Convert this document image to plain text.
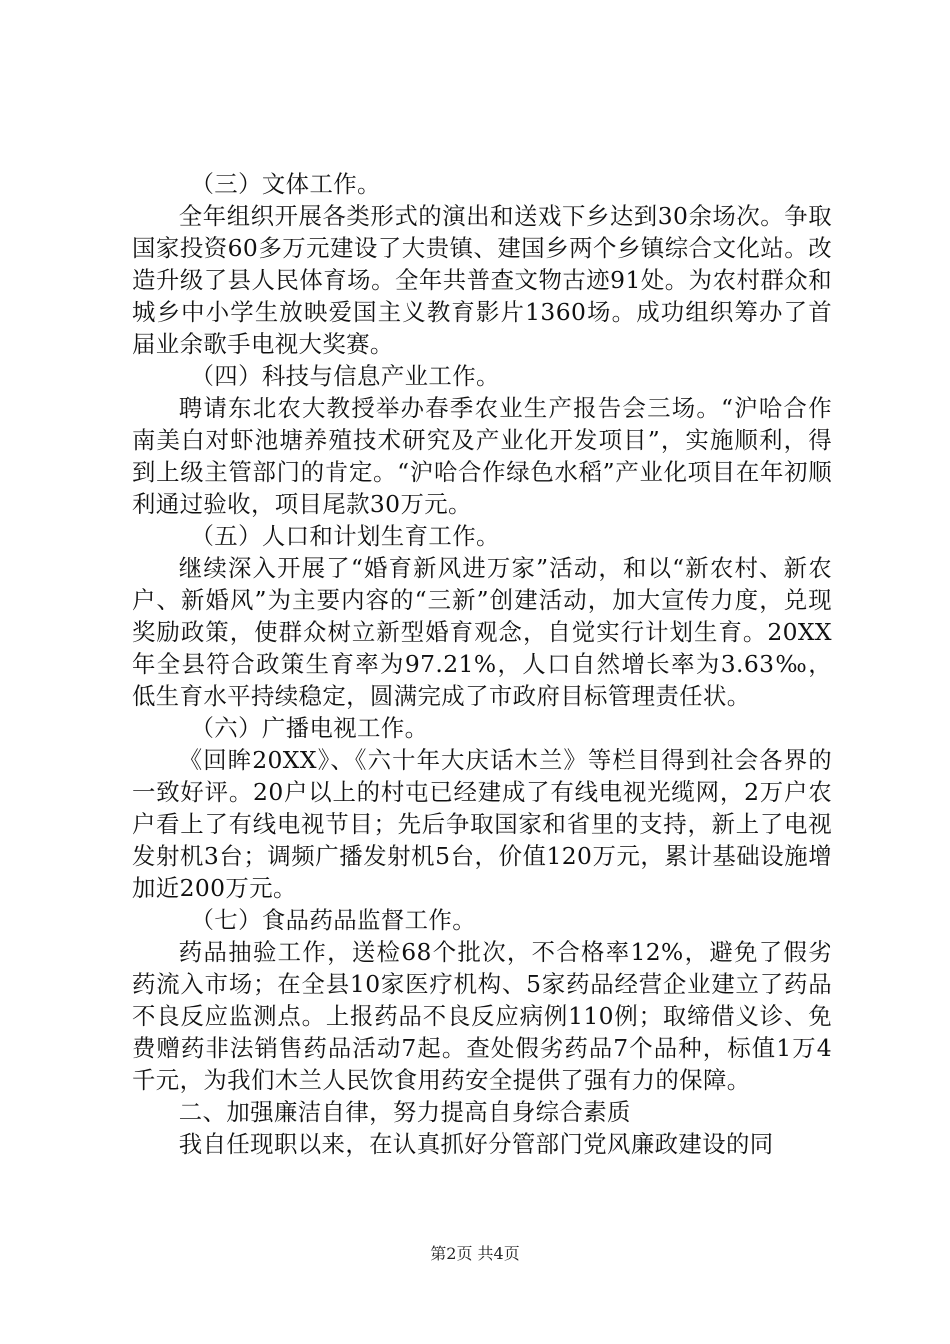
（三）文体工作。

全年组织开展各类形式的演出和送戏下乡达到30余场次。争取国家投资60多万元建设了大贵镇、建国乡两个乡镇综合文化站。改造升级了县人民体育场。全年共普查文物古迹91处。为农村群众和城乡中小学生放映爱国主义教育影片1360场。成功组织筹办了首届业余歌手电视大奖赛。

（四）科技与信息产业工作。

聘请东北农大教授举办春季农业生产报告会三场。“沪哈合作南美白对虾池塘养殖技术研究及产业化开发项目”，实施顺利，得到上级主管部门的肯定。“沪哈合作绿色水稻”产业化项目在年初顺利通过验收，项目尾款30万元。

（五）人口和计划生育工作。

继续深入开展了“婚育新风进万家”活动，和以“新农村、新农户、新婚风”为主要内容的“三新”创建活动，加大宣传力度，兑现奖励政策，使群众树立新型婚育观念，自觉实行计划生育。20XX年全县符合政策生育率为97.21%，人口自然增长率为3.63‰，低生育水平持续稳定，圆满完成了市政府目标管理责任状。

（六）广播电视工作。

《回眸20XX》、《六十年大庆话木兰》等栏目得到社会各界的一致好评。20户以上的村屯已经建成了有线电视光缆网，2万户农户看上了有线电视节目；先后争取国家和省里的支持，新上了电视发射机3台；调频广播发射机5台，价值120万元，累计基础设施增加近200万元。

（七）食品药品监督工作。

药品抽验工作，送检68个批次，不合格率12%，避免了假劣药流入市场；在全县10家医疗机构、5家药品经营企业建立了药品不良反应监测点。上报药品不良反应病例110例；取缔借义诊、免费赠药非法销售药品活动7起。查处假劣药品7个品种，标值1万4千元，为我们木兰人民饮食用药安全提供了强有力的保障。

二、加强廉洁自律，努力提高自身综合素质

我自任现职以来，在认真抓好分管部门党风廉政建设的同

第2页 共4页
